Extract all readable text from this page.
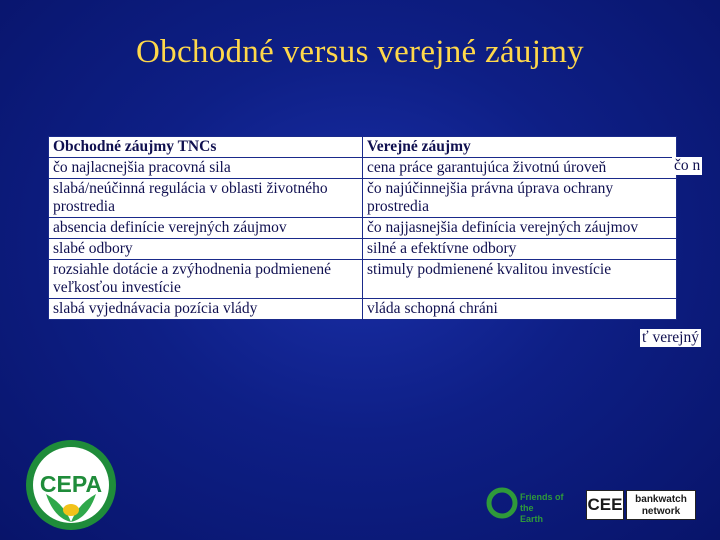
Obchodné versus verejné záujmy
Obchodné záujmy TNCs	Verejné záujmy
čo najlacnejšia pracovná sila	cena práce garantujúca životnú úroveň
slabá/neúčinná regulácia v oblasti životného prostredia	čo najúčinnejšia právna úprava ochrany prostredia
absencia definície verejných záujmov	čo najjasnejšia definícia verejných záujmov
slabé odbory	silné a efektívne odbory
rozsiahle dotácie a zvýhodnenia podmienené veľkosťou investície	stimuly podmienené kvalitou investície
slabá vyjednávacia pozícia vlády	vláda schopná chráni
čo n
ť verejný
CEPA	Friends of the
Earth
CEE	bankwatch
network
